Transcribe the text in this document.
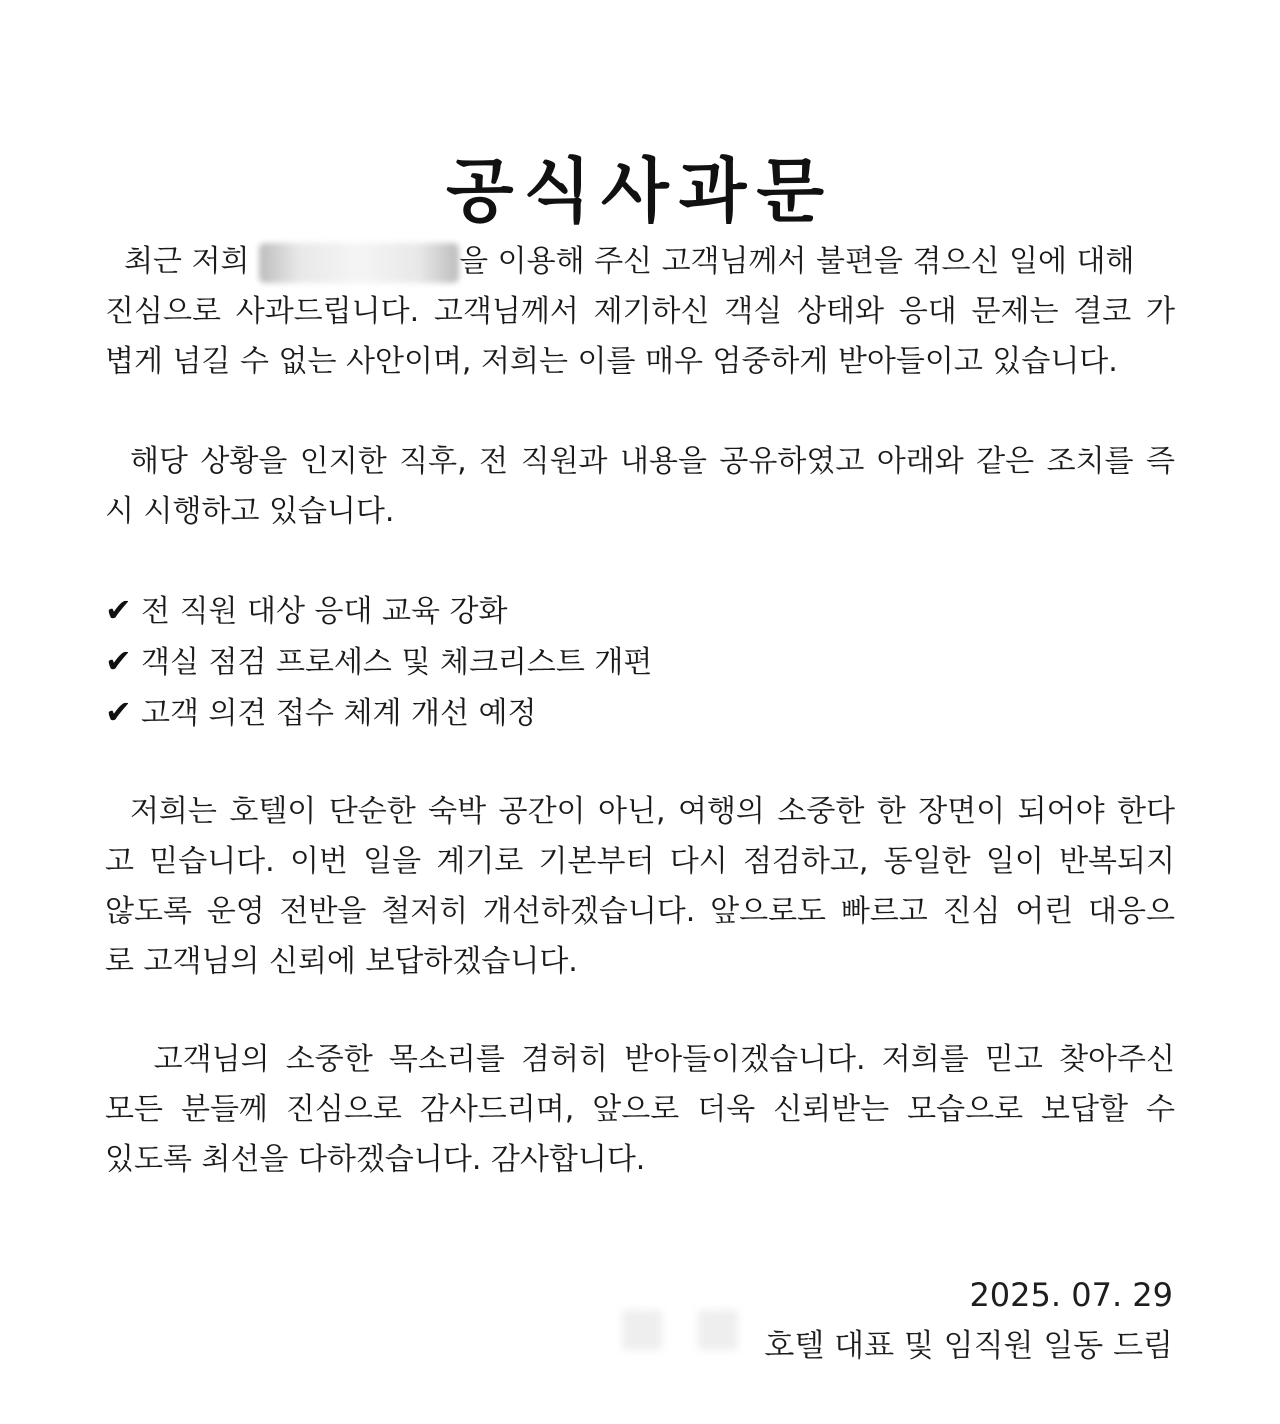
공식사과문
최근 저희	을 이용해 주신 고객님께서 불편을 겪으신 일에 대해
진심으로 사과드립니다. 고객님께서 제기하신 객실 상태와 응대 문제는 결코 가
볍게 넘길 수 없는 사안이며, 저희는 이를 매우 엄중하게 받아들이고 있습니다.
해당 상황을 인지한 직후, 전 직원과 내용을 공유하였고 아래와 같은 조치를 즉
시 시행하고 있습니다.
✔ 전 직원 대상 응대 교육 강화
✔ 객실 점검 프로세스 및 체크리스트 개편
✔ 고객 의견 접수 체계 개선 예정
저희는 호텔이 단순한 숙박 공간이 아닌, 여행의 소중한 한 장면이 되어야 한다
고 믿습니다. 이번 일을 계기로 기본부터 다시 점검하고, 동일한 일이 반복되지
않도록 운영 전반을 철저히 개선하겠습니다. 앞으로도 빠르고 진심 어린 대응으
로 고객님의 신뢰에 보답하겠습니다.
고객님의 소중한 목소리를 겸허히 받아들이겠습니다. 저희를 믿고 찾아주신
모든 분들께 진심으로 감사드리며, 앞으로 더욱 신뢰받는 모습으로 보답할 수
있도록 최선을 다하겠습니다. 감사합니다.
2025. 07. 29
호텔 대표 및 임직원 일동 드림
